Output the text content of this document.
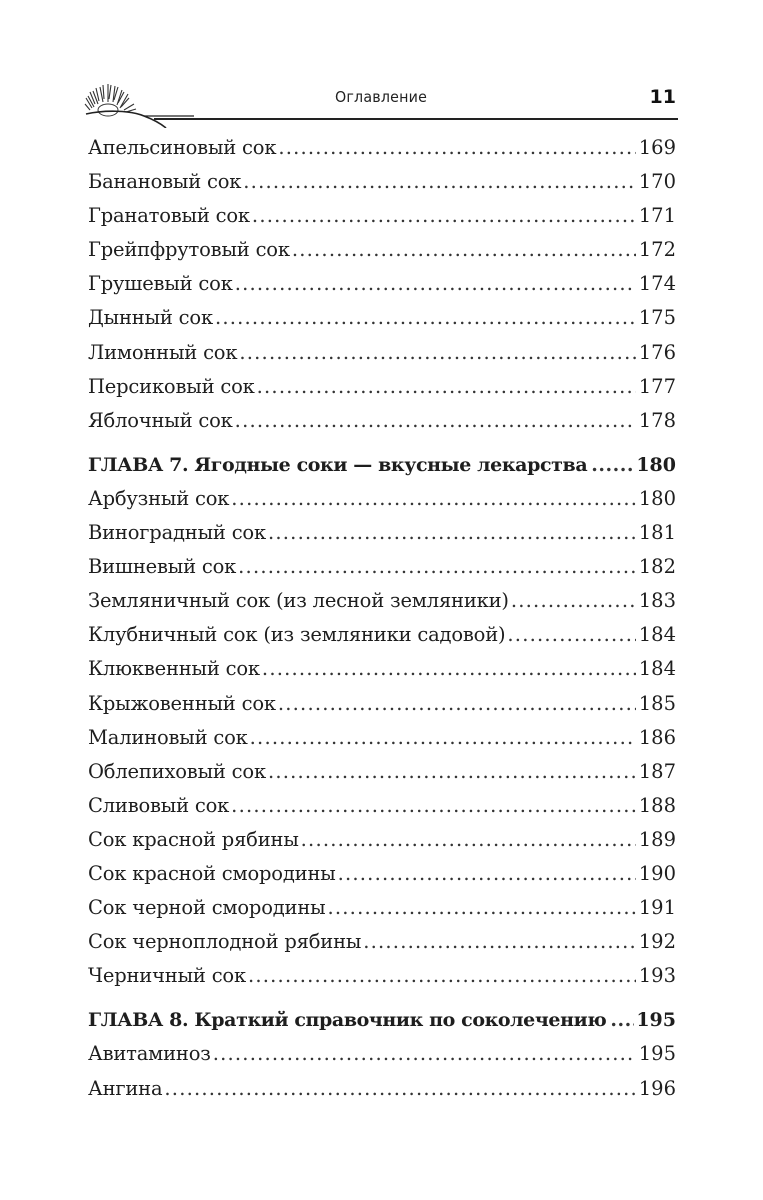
Оглавление	11
Апельсиновый сок .....	169
Банановый сок .....	170
Гранатовый сок .....	171
Грейпфрутовый сок .....	172
Грушевый сок .....	174
Дынный сок .....	175
Лимонный сок .....	176
Персиковый сок .....	177
Яблочный сок .....	178
ГЛАВА 7. Ягодные соки — вкусные лекарства .....	180
Арбузный сок .....	180
Виноградный сок .....	181
Вишневый сок .....	182
Земляничный сок (из лесной земляники) .....	183
Клубничный сок (из земляники садовой) .....	184
Клюквенный сок .....	184
Крыжовенный сок .....	185
Малиновый сок .....	186
Облепиховый сок .....	187
Сливовый сок .....	188
Сок красной рябины .....	189
Сок красной смородины .....	190
Сок черной смородины .....	191
Сок черноплодной рябины .....	192
Черничный сок .....	193
ГЛАВА 8. Краткий справочник по соколечению ..... 195
Авитаминоз .....	195
Ангина .....	196
